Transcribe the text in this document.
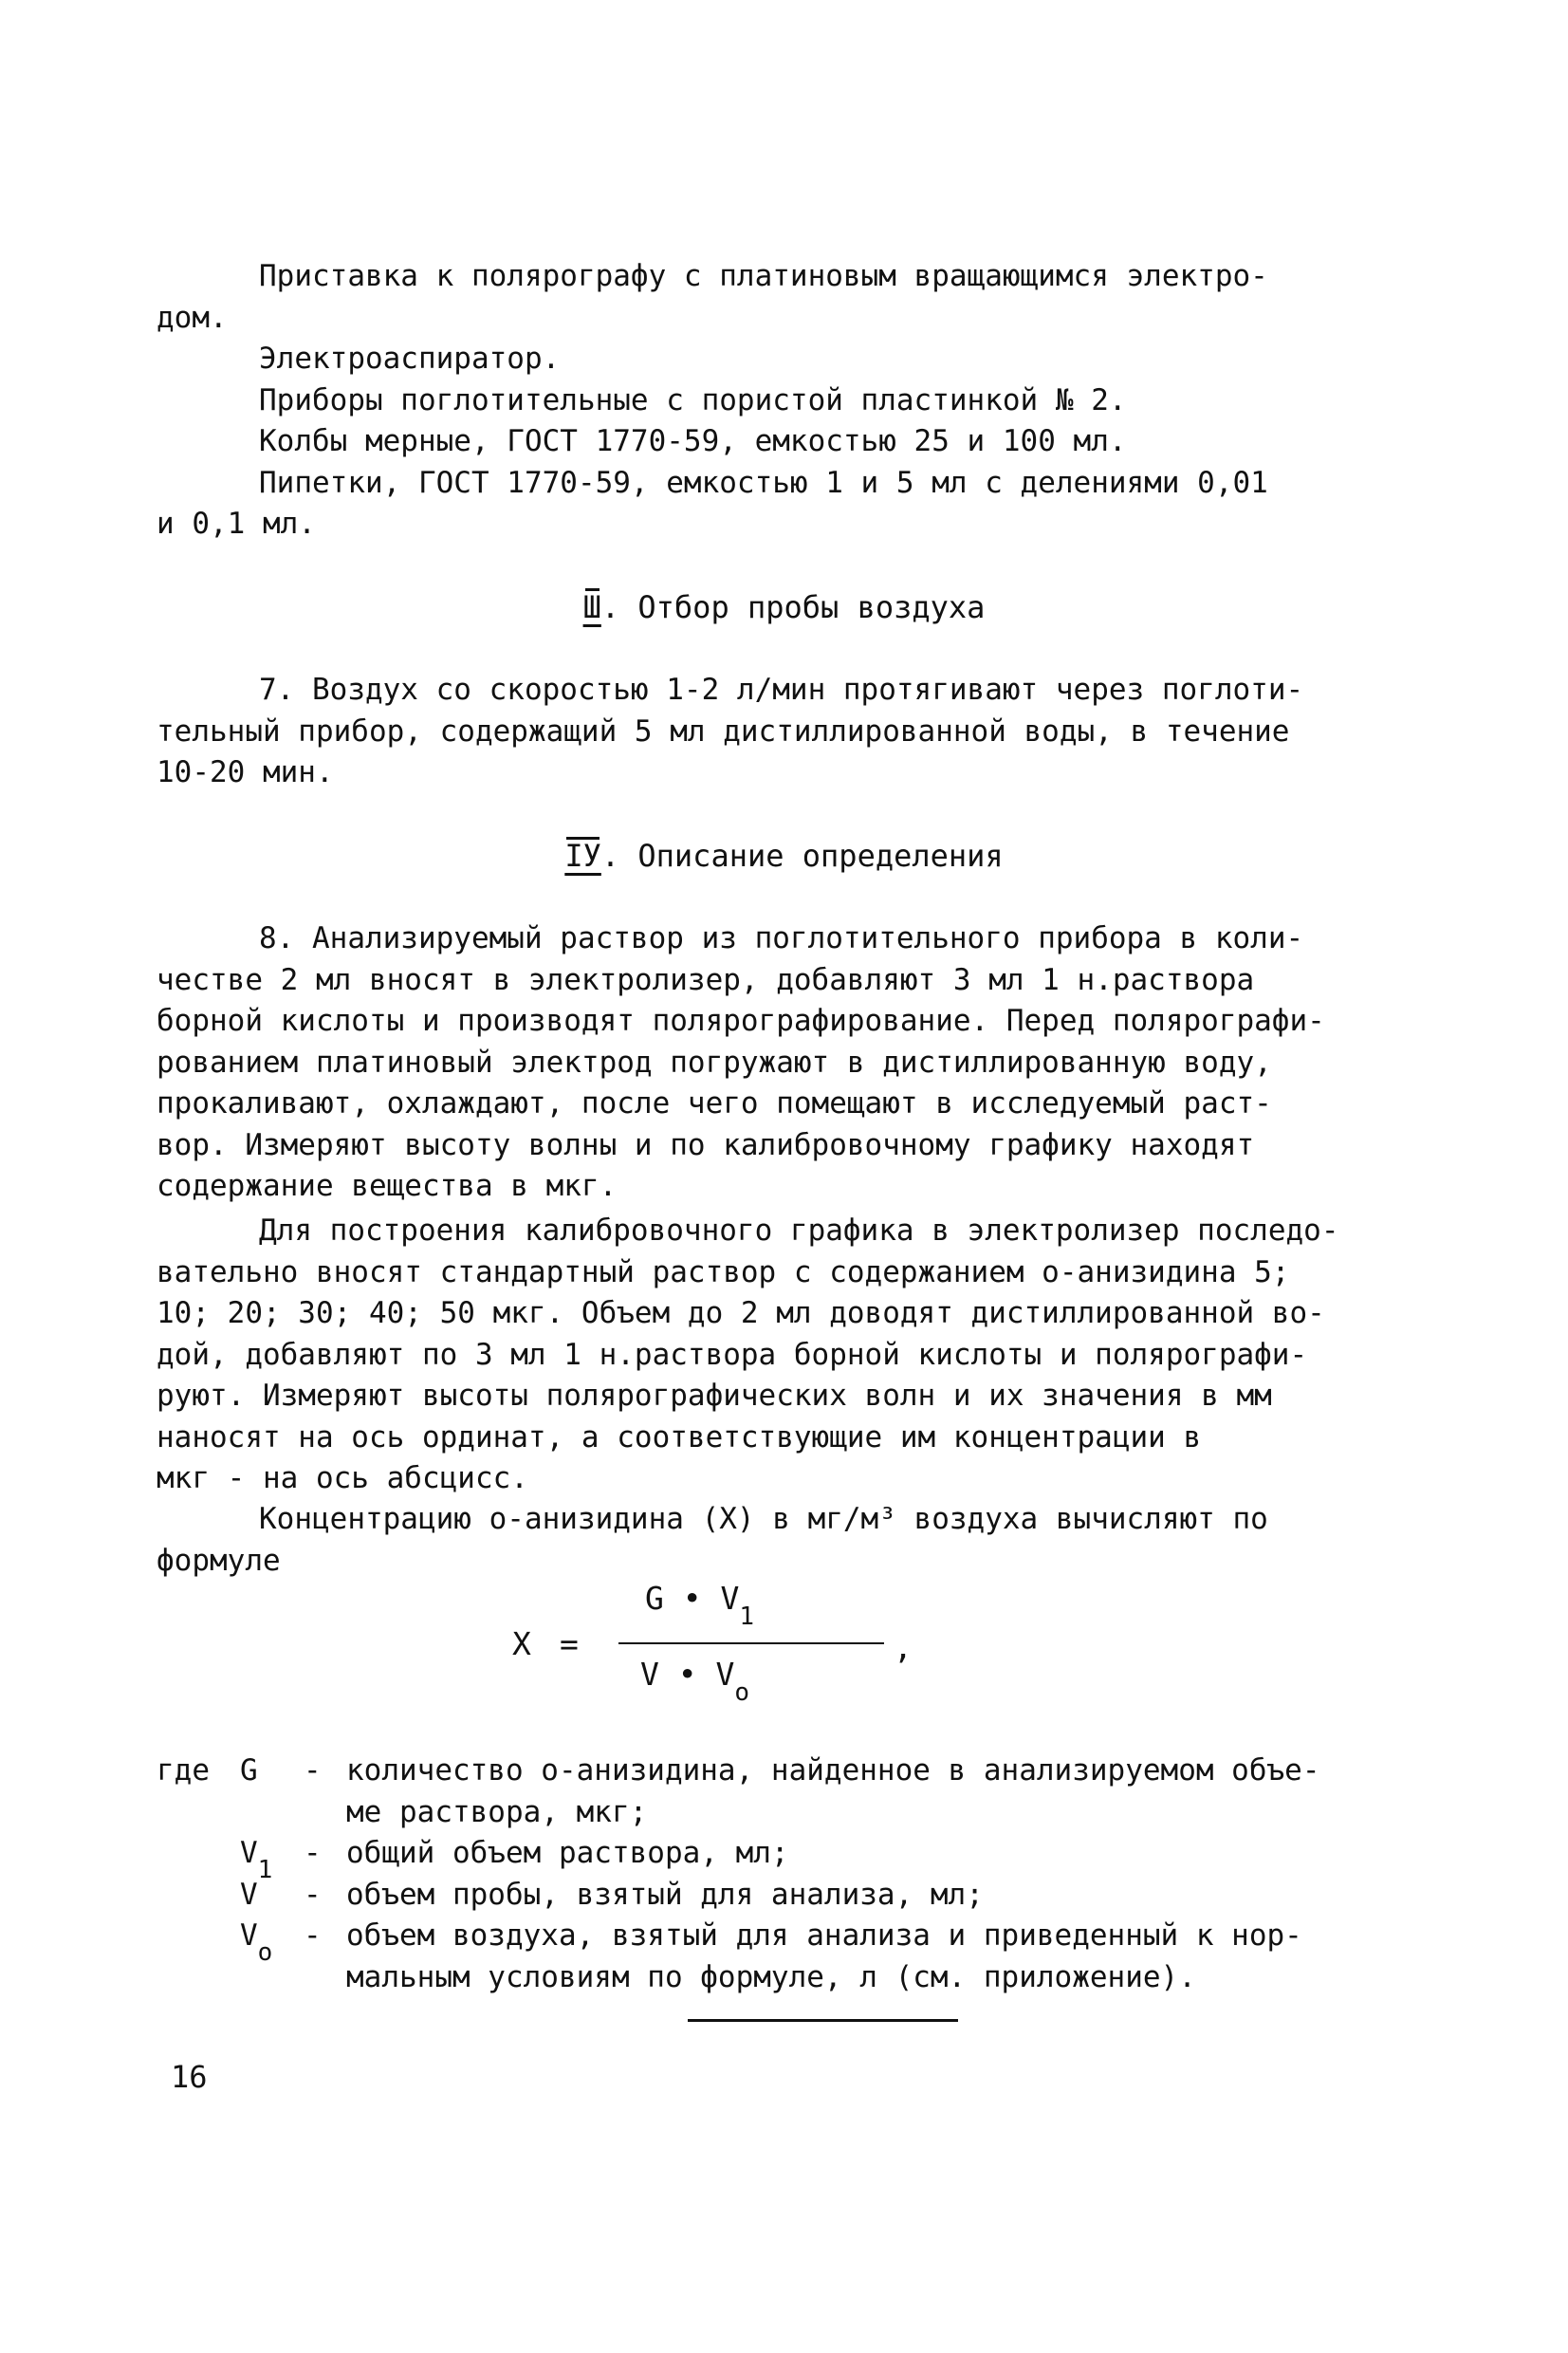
Приставка к полярографу с платиновым вращающимся электро-
дом.
Электроаспиратор.
Приборы поглотительные с пористой пластинкой № 2.
Колбы мерные, ГОСТ 1770-59, емкостью 25 и 100 мл.
Пипетки, ГОСТ 1770-59, емкостью 1 и 5 мл с делениями 0,01
и 0,1 мл.
Ш. Отбор пробы воздуха
7. Воздух со скоростью 1-2 л/мин протягивают через поглоти-
тельный прибор, содержащий 5 мл дистиллированной воды, в течение
10-20 мин.
IУ. Описание определения
8. Анализируемый раствор из поглотительного прибора в коли-
честве 2 мл вносят в электролизер, добавляют 3 мл 1 н.раствора
борной кислоты и производят полярографирование. Перед полярографи-
рованием платиновый электрод погружают в дистиллированную воду,
прокаливают, охлаждают, после чего помещают в исследуемый раст-
вор. Измеряют высоту волны и по калибровочному графику находят
содержание вещества в мкг.
Для построения калибровочного графика в электролизер последо-
вательно вносят стандартный раствор с содержанием о-анизидина 5;
10; 20; 30; 40; 50 мкг. Объем до 2 мл доводят дистиллированной во-
дой, добавляют по 3 мл 1 н.раствора борной кислоты и полярографи-
руют. Измеряют высоты полярографических волн и их значения в мм
наносят на ось ординат, а соответствующие им концентрации в
мкг - на ось абсцисс.
Концентрацию о-анизидина (Х) в мг/м³ воздуха вычисляют по
формуле
X =
G • $V_1$
V • $V_o$
,
где	G	- количество о-анизидина, найденное в анализируемом объе-
ме раствора, мкг;
$V_1$	- общий объем раствора, мл;
V	- объем пробы, взятый для анализа, мл;
$V_o$	- объем воздуха, взятый для анализа и приведенный к нор-
мальным условиям по формуле, л (см. приложение).
16
